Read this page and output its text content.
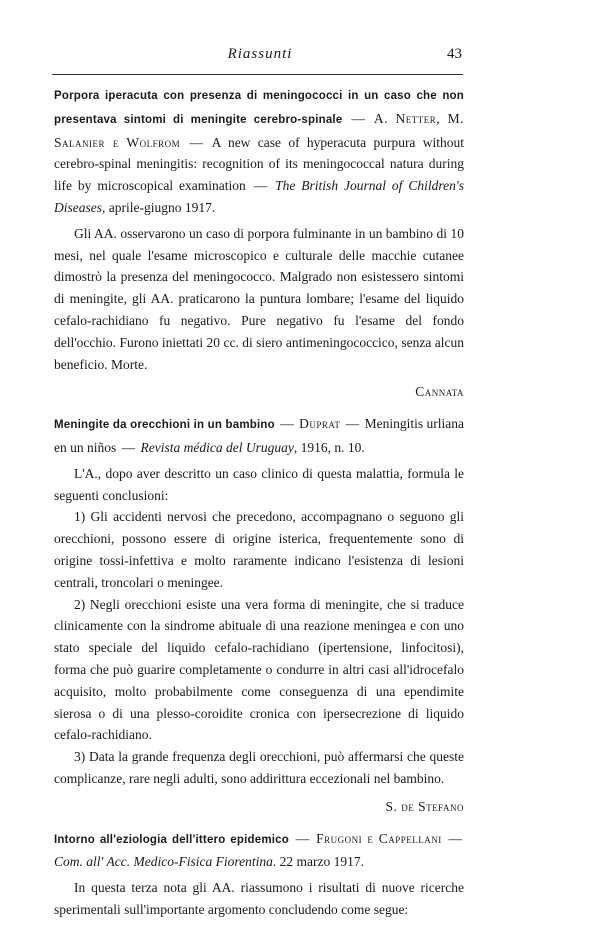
Riassunti	43
Porpora iperacuta con presenza di meningococci in un caso che non presentava sintomi di meningite cerebro-spinale — A. Netter, M. Salanier e Wolfrom — A new case of hyperacuta purpura without cerebro-spinal meningitis: recognition of its meningococcal natura during life by microscopical examination — The British Journal of Children's Diseases, aprile-giugno 1917.

Gli AA. osservarono un caso di porpora fulminante in un bambino di 10 mesi, nel quale l'esame microscopico e culturale delle macchie cutanee dimostrò la presenza del meningococco. Malgrado non esistessero sintomi di meningite, gli AA. praticarono la puntura lombare; l'esame del liquido cefalo-rachidiano fu negativo. Pure negativo fu l'esame del fondo dell'occhio. Furono iniettati 20 cc. di siero antimeningococcico, senza alcun beneficio. Morte.

Cannata
Meningite da orecchioni in un bambino — Duprat — Meningitis urliana en un niños — Revista médica del Uruguay, 1916, n. 10.

L'A., dopo aver descritto un caso clinico di questa malattia, formula le seguenti conclusioni:

1) Gli accidenti nervosi che precedono, accompagnano o seguono gli orecchioni, possono essere di origine isterica, frequentemente sono di origine tossi-infettiva e molto raramente indicano l'esistenza di lesioni centrali, troncolari o meningee.

2) Negli orecchioni esiste una vera forma di meningite, che si traduce clinicamente con la sindrome abituale di una reazione meningea e con uno stato speciale del liquido cefalo-rachidiano (ipertensione, linfocitosi), forma che può guarire completamente o condurre in altri casi all'idrocefalo acquisito, molto probabilmente come conseguenza di una ependimite sierosa o di una plesso-coroidite cronica con ipersecrezione di liquido cefalo-rachidiano.

3) Data la grande frequenza degli orecchioni, può affermarsi che queste complicanze, rare negli adulti, sono addirittura eccezionali nel bambino.

S. de Stefano
Intorno all'eziologia dell'ittero epidemico — Frugoni e Cappellani — Com. all' Acc. Medico-Fisica Fiorentina. 22 marzo 1917.

In questa terza nota gli AA. riassumono i risultati di nuove ricerche sperimentali sull'importante argomento concludendo come segue:
